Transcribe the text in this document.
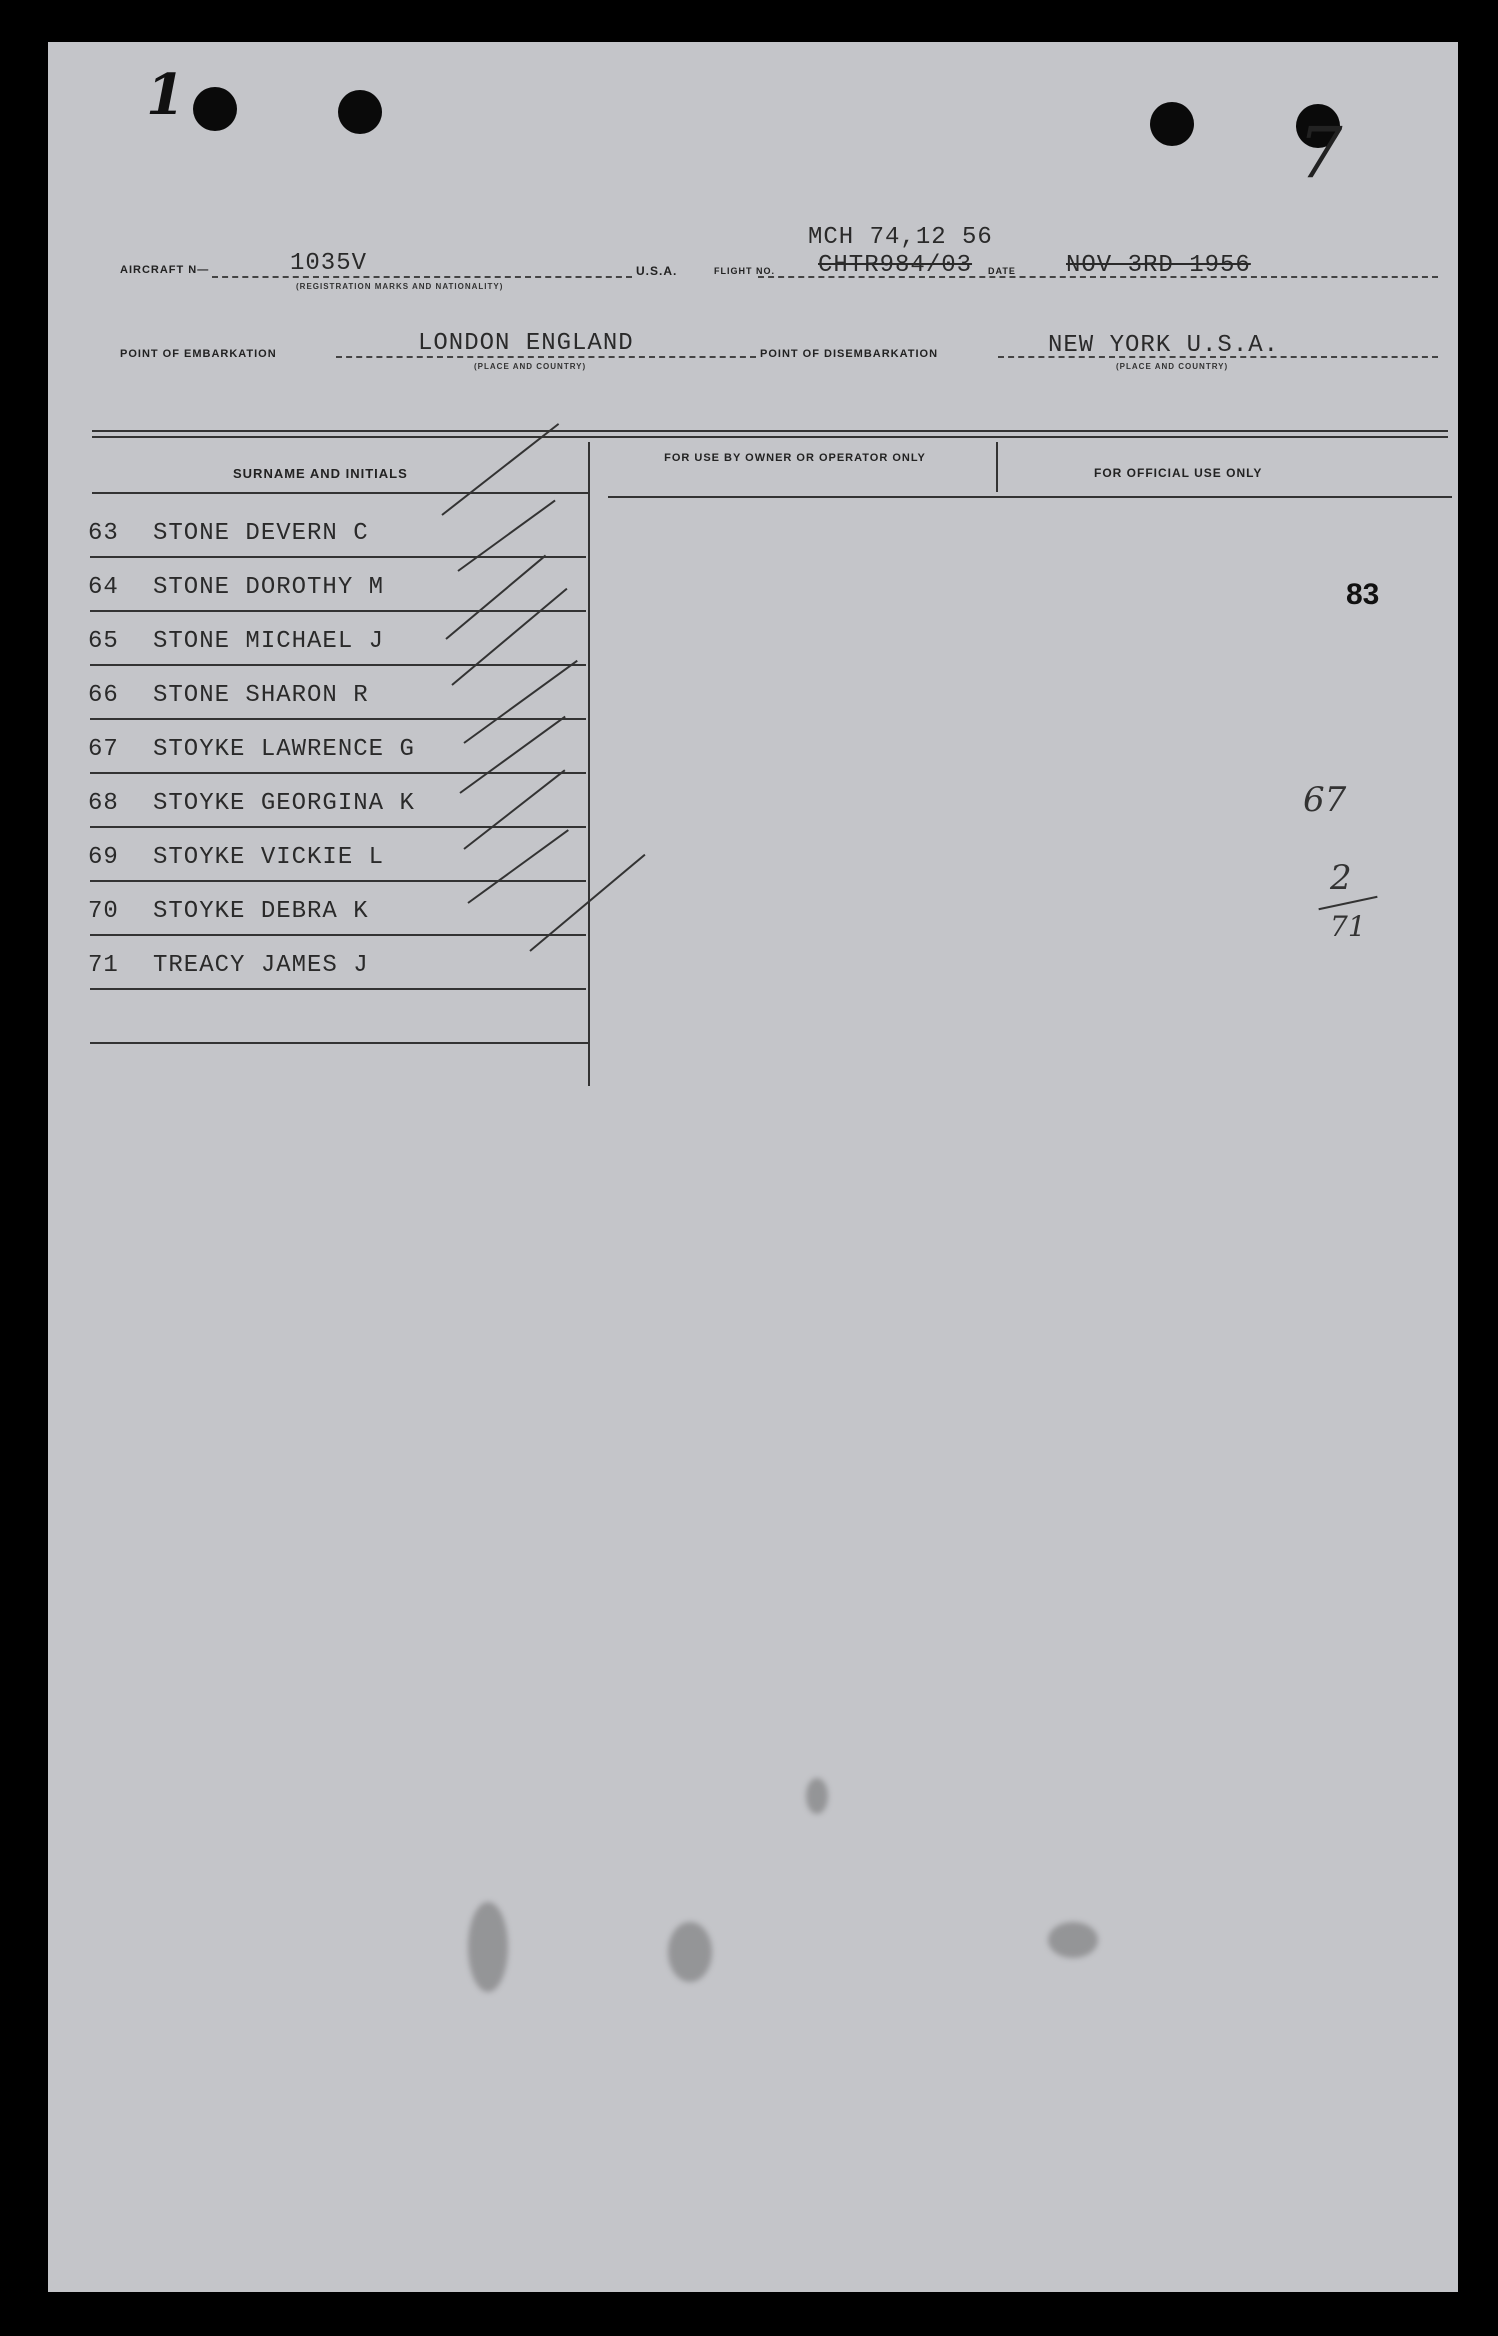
1
7
MCH 74,12 56
AIRCRAFT N—	1035V
(REGISTRATION MARKS AND NATIONALITY)
U.S.A.	FLIGHT NO. CHTR984/03 DATE NOV 3RD 1956
POINT OF EMBARKATION	LONDON ENGLAND
(PLACE AND COUNTRY)
POINT OF DISEMBARKATION	NEW YORK U.S.A.
(PLACE AND COUNTRY)
SURNAME AND INITIALS
FOR USE BY OWNER OR OPERATOR ONLY
FOR OFFICIAL USE ONLY
63	STONE DEVERN C
64	STONE DOROTHY M
65	STONE MICHAEL J
66	STONE SHARON R
67	STOYKE LAWRENCE G
68	STOYKE GEORGINA K
69	STOYKE VICKIE L
70	STOYKE DEBRA K
71	TREACY JAMES J
83
67
2
71
